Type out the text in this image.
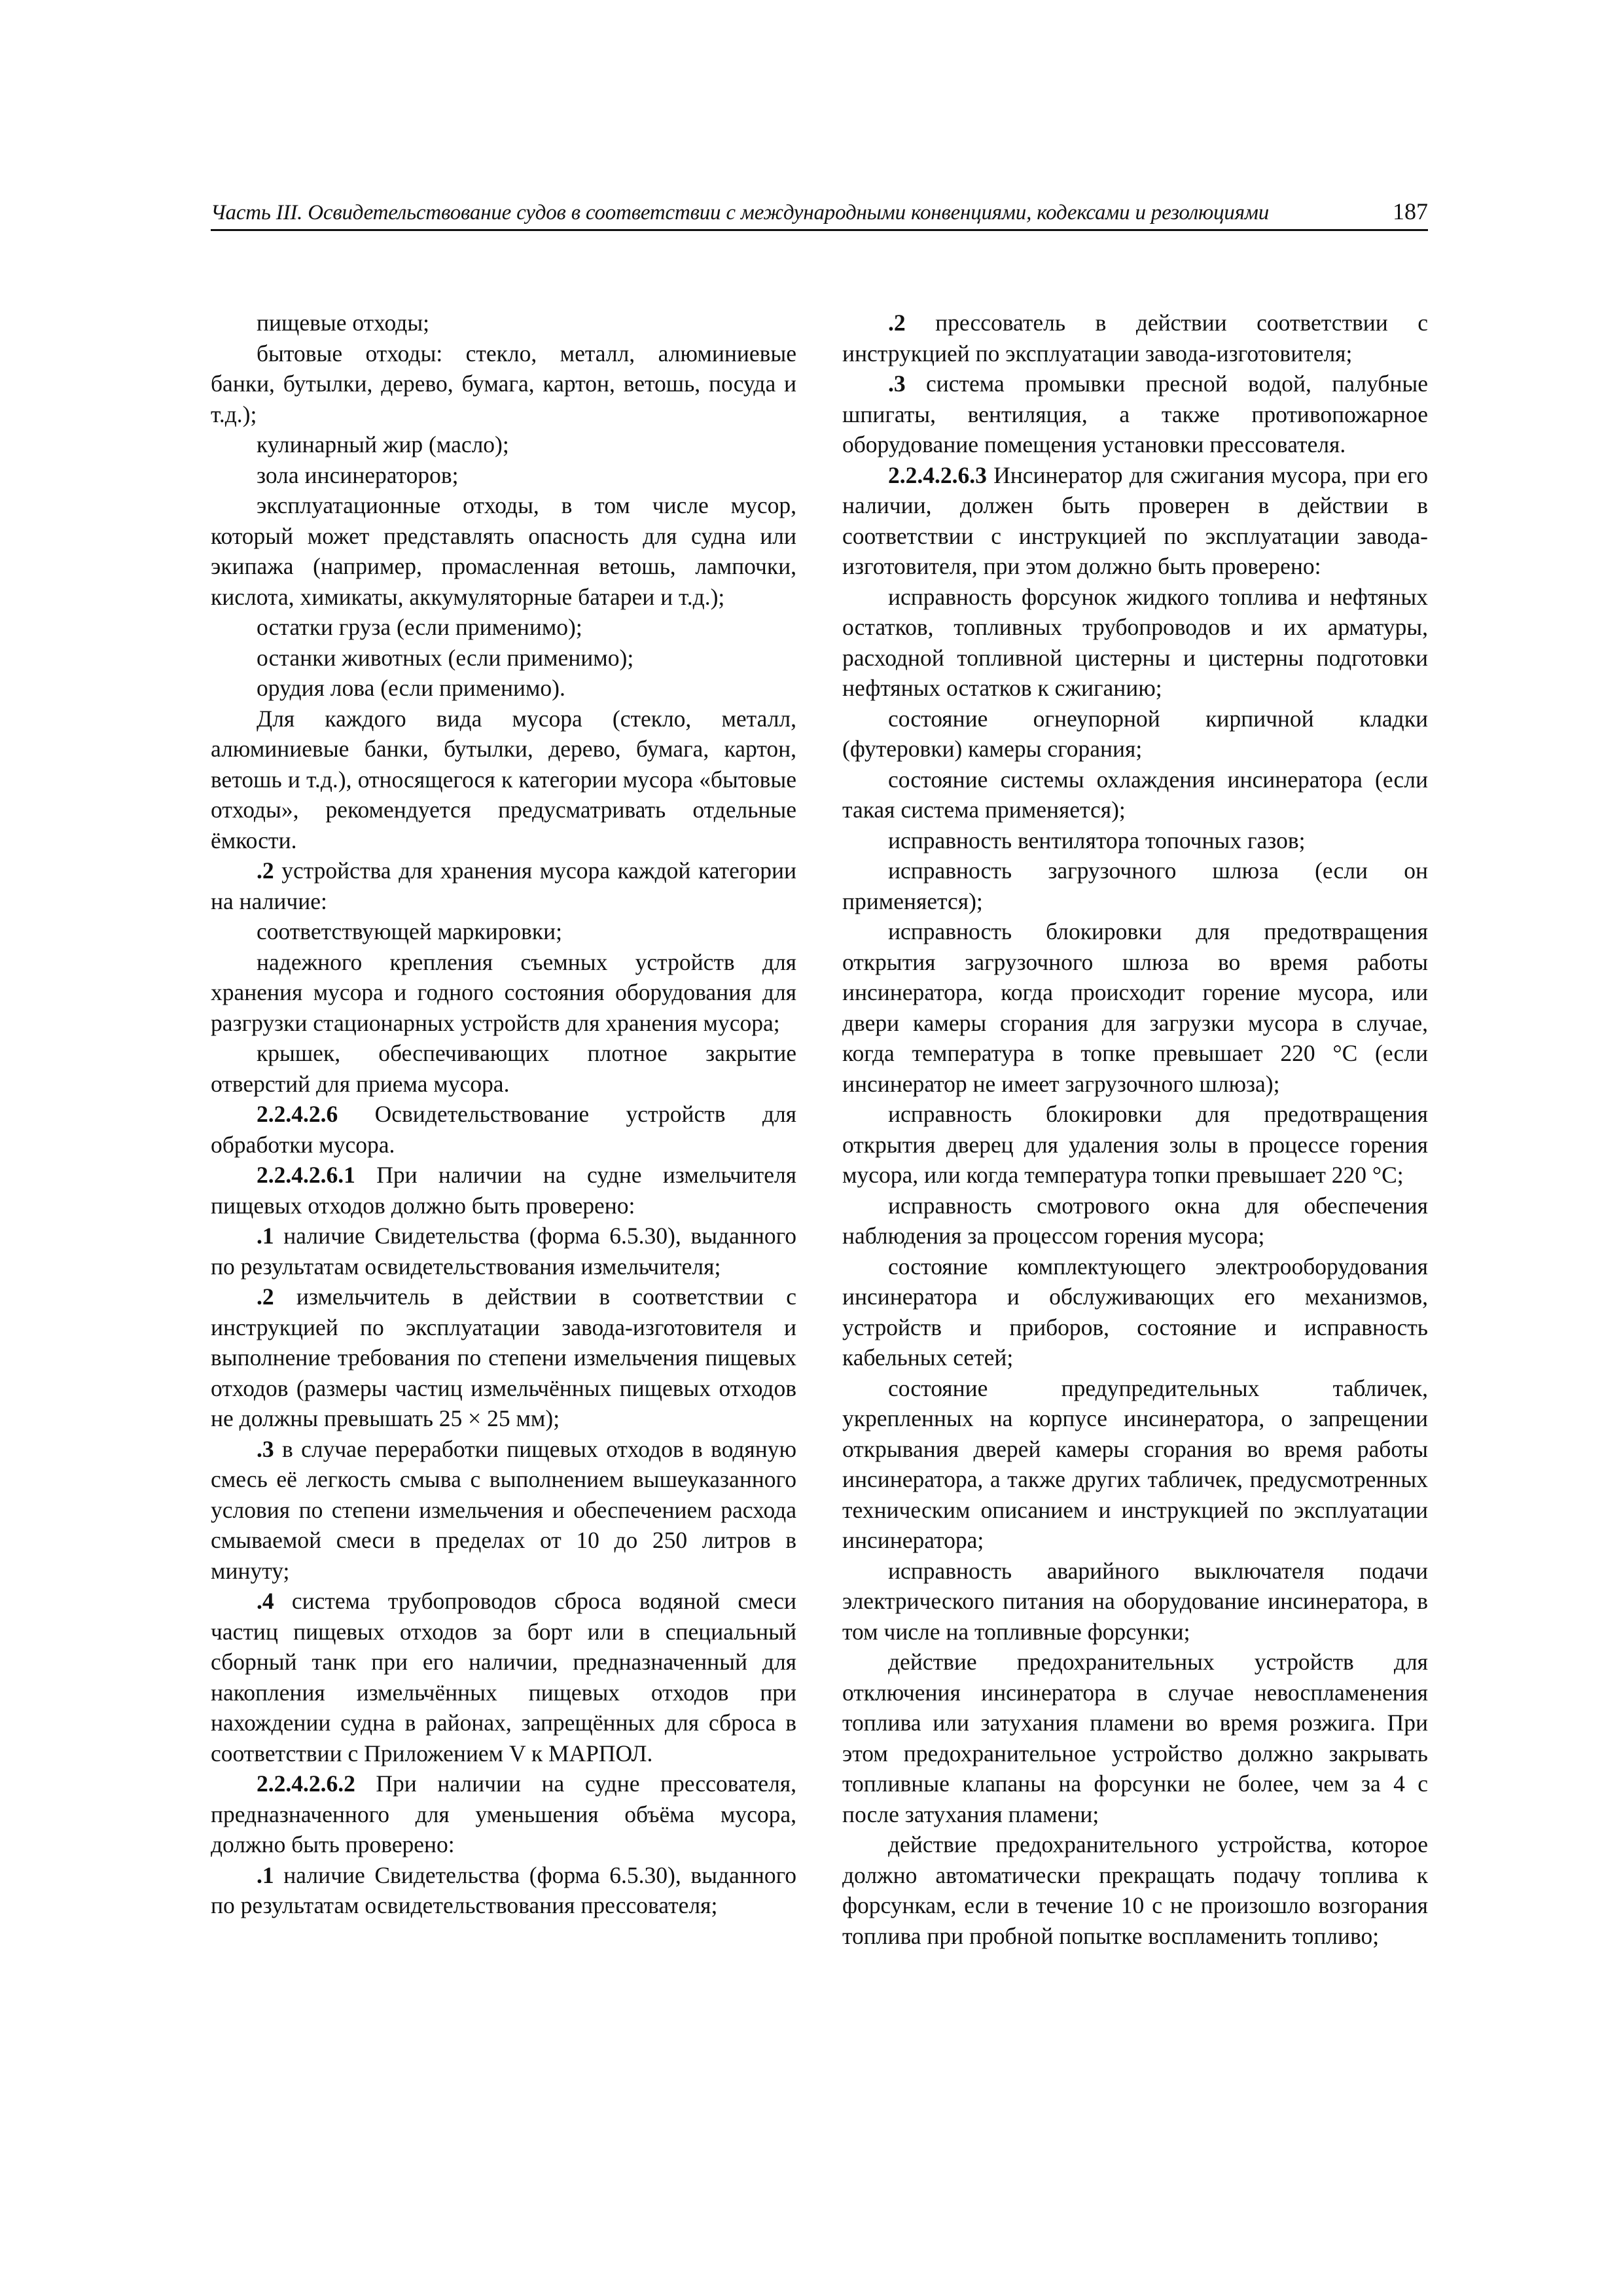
Часть III. Освидетельствование судов в соответствии с международными конвенциями, кодексами и резолюциями	187

пищевые отходы;

бытовые отходы: стекло, металл, алюминиевые банки, бутылки, дерево, бумага, картон, ветошь, посуда и т.д.);

кулинарный жир (масло);

зола инсинераторов;

эксплуатационные отходы, в том числе мусор, который может представлять опасность для судна или экипажа (например, промасленная ветошь, лампочки, кислота, химикаты, аккумуляторные батареи и т.д.);

остатки груза (если применимо);

останки животных (если применимо);

орудия лова (если применимо).

Для каждого вида мусора (стекло, металл, алюминиевые банки, бутылки, дерево, бумага, картон, ветошь и т.д.), относящегося к категории мусора «бытовые отходы», рекомендуется предусматривать отдельные ёмкости.

.2 устройства для хранения мусора каждой категории на наличие:

соответствующей маркировки;

надежного крепления съемных устройств для хранения мусора и годного состояния оборудования для разгрузки стационарных устройств для хранения мусора;

крышек, обеспечивающих плотное закрытие отверстий для приема мусора.

2.2.4.2.6 Освидетельствование устройств для обработки мусора.

2.2.4.2.6.1 При наличии на судне измельчителя пищевых отходов должно быть проверено:

.1 наличие Свидетельства (форма 6.5.30), выданного по результатам освидетельствования измельчителя;

.2 измельчитель в действии в соответствии с инструкцией по эксплуатации завода-изготовителя и выполнение требования по степени измельчения пищевых отходов (размеры частиц измельчённых пищевых отходов не должны превышать 25 × 25 мм);

.3 в случае переработки пищевых отходов в водяную смесь её легкость смыва с выполнением вышеуказанного условия по степени измельчения и обеспечением расхода смываемой смеси в пределах от 10 до 250 литров в минуту;

.4 система трубопроводов сброса водяной смеси частиц пищевых отходов за борт или в специальный сборный танк при его наличии, предназначенный для накопления измельчённых пищевых отходов при нахождении судна в районах, запрещённых для сброса в соответствии с Приложением V к МАРПОЛ.

2.2.4.2.6.2 При наличии на судне прессователя, предназначенного для уменьшения объёма мусора, должно быть проверено:

.1 наличие Свидетельства (форма 6.5.30), выданного по результатам освидетельствования прессователя;

.2 прессователь в действии соответствии с инструкцией по эксплуатации завода-изготовителя;

.3 система промывки пресной водой, палубные шпигаты, вентиляция, а также противопожарное оборудование помещения установки прессователя.

2.2.4.2.6.3 Инсинератор для сжигания мусора, при его наличии, должен быть проверен в действии в соответствии с инструкцией по эксплуатации завода-изготовителя, при этом должно быть проверено:

исправность форсунок жидкого топлива и нефтяных остатков, топливных трубопроводов и их арматуры, расходной топливной цистерны и цистерны подготовки нефтяных остатков к сжиганию;

состояние огнеупорной кирпичной кладки (футеровки) камеры сгорания;

состояние системы охлаждения инсинератора (если такая система применяется);

исправность вентилятора топочных газов;

исправность загрузочного шлюза (если он применяется);

исправность блокировки для предотвращения открытия загрузочного шлюза во время работы инсинератора, когда происходит горение мусора, или двери камеры сгорания для загрузки мусора в случае, когда температура в топке превышает 220 °C (если инсинератор не имеет загрузочного шлюза);

исправность блокировки для предотвращения открытия дверец для удаления золы в процессе горения мусора, или когда температура топки превышает 220 °C;

исправность смотрового окна для обеспечения наблюдения за процессом горения мусора;

состояние комплектующего электрооборудования инсинератора и обслуживающих его механизмов, устройств и приборов, состояние и исправность кабельных сетей;

состояние предупредительных табличек, укрепленных на корпусе инсинератора, о запрещении открывания дверей камеры сгорания во время работы инсинератора, а также других табличек, предусмотренных техническим описанием и инструкцией по эксплуатации инсинератора;

исправность аварийного выключателя подачи электрического питания на оборудование инсинератора, в том числе на топливные форсунки;

действие предохранительных устройств для отключения инсинератора в случае невоспламенения топлива или затухания пламени во время розжига. При этом предохранительное устройство должно закрывать топливные клапаны на форсунки не более, чем за 4 с после затухания пламени;

действие предохранительного устройства, которое должно автоматически прекращать подачу топлива к форсункам, если в течение 10 с не произошло возгорания топлива при пробной попытке воспламенить топливо;
